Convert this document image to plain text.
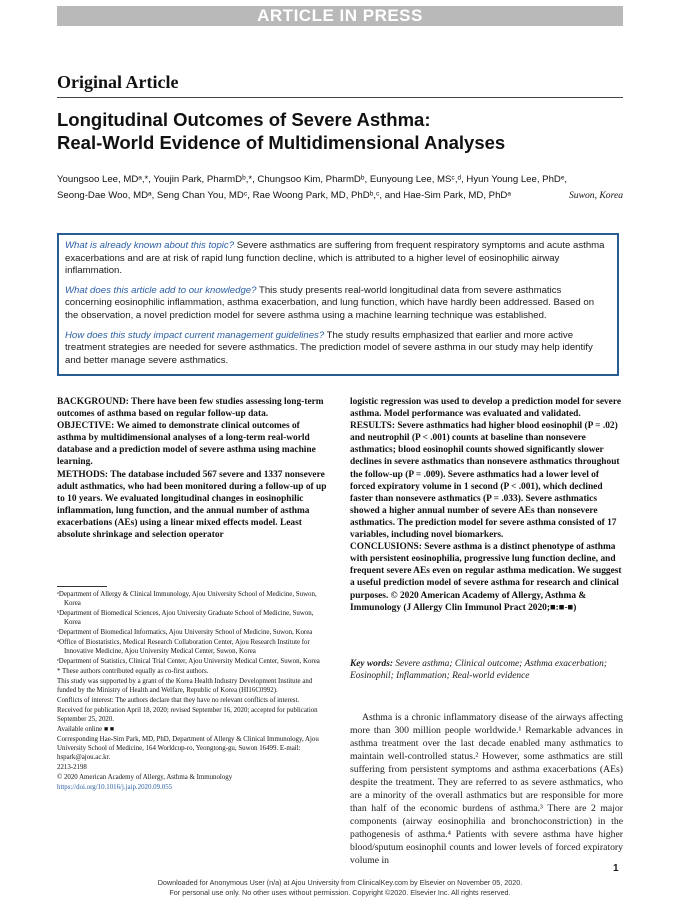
ARTICLE IN PRESS
Original Article
Longitudinal Outcomes of Severe Asthma:
Real-World Evidence of Multidimensional Analyses
Youngsoo Lee, MDᵃ,*, Youjin Park, PharmDᵇ,*, Chungsoo Kim, PharmDᵇ, Eunyoung Lee, MSᶜ,ᵈ, Hyun Young Lee, PhDᵉ,
Seong-Dae Woo, MDᵃ, Seng Chan You, MDᶜ, Rae Woong Park, MD, PhDᵇ,ᶜ, and Hae-Sim Park, MD, PhDᵃ	Suwon, Korea

What is already known about this topic? Severe asthmatics are suffering from frequent respiratory symptoms and acute asthma exacerbations and are at risk of rapid lung function decline, which is attributed to a higher level of eosinophilic airway inflammation.

What does this article add to our knowledge? This study presents real-world longitudinal data from severe asthmatics concerning eosinophilic inflammation, asthma exacerbation, and lung function, which have hardly been addressed. Based on the observation, a novel prediction model for severe asthma using a machine learning technique was established.

How does this study impact current management guidelines? The study results emphasized that earlier and more active treatment strategies are needed for severe asthmatics. The prediction model of severe asthma in our study may help identify and better manage severe asthmatics.

BACKGROUND: There have been few studies assessing long-term outcomes of asthma based on regular follow-up data.

OBJECTIVE: We aimed to demonstrate clinical outcomes of asthma by multidimensional analyses of a long-term real-world database and a prediction model of severe asthma using machine learning.

METHODS: The database included 567 severe and 1337 nonsevere adult asthmatics, who had been monitored during a follow-up of up to 10 years. We evaluated longitudinal changes in eosinophilic inflammation, lung function, and the annual number of asthma exacerbations (AEs) using a linear mixed effects model. Least absolute shrinkage and selection operator

logistic regression was used to develop a prediction model for severe asthma. Model performance was evaluated and validated.

RESULTS: Severe asthmatics had higher blood eosinophil (P = .02) and neutrophil (P < .001) counts at baseline than nonsevere asthmatics; blood eosinophil counts showed significantly slower declines in severe asthmatics than nonsevere asthmatics throughout the follow-up (P = .009). Severe asthmatics had a lower level of forced expiratory volume in 1 second (P < .001), which declined faster than nonsevere asthmatics (P = .033). Severe asthmatics showed a higher annual number of severe AEs than nonsevere asthmatics. The prediction model for severe asthma consisted of 17 variables, including novel biomarkers.

CONCLUSIONS: Severe asthma is a distinct phenotype of asthma with persistent eosinophilia, progressive lung function decline, and frequent severe AEs even on regular asthma medication. We suggest a useful prediction model of severe asthma for research and clinical purposes. © 2020 American Academy of Allergy, Asthma & Immunology (J Allergy Clin Immunol Pract 2020;■:■-■)

Key words: Severe asthma; Clinical outcome; Asthma exacerbation; Eosinophil; Inflammation; Real-world evidence

Asthma is a chronic inflammatory disease of the airways affecting more than 300 million people worldwide.¹ Remarkable advances in asthma treatment over the last decade enabled many asthmatics to maintain well-controlled status.² However, some asthmatics are still suffering from persistent symptoms and asthma exacerbations (AEs) despite the treatment. They are referred to as severe asthmatics, who are a minority of the overall asthmatics but are responsible for more than half of the economic burdens of asthma.³ There are 2 major components (airway eosinophilia and bronchoconstriction) in the pathogenesis of asthma.⁴ Patients with severe asthma have higher blood/sputum eosinophil counts and lower levels of forced expiratory volume in

ᵃDepartment of Allergy & Clinical Immunology, Ajou University School of Medicine, Suwon, Korea

ᵇDepartment of Biomedical Sciences, Ajou University Graduate School of Medicine, Suwon, Korea

ᶜDepartment of Biomedical Informatics, Ajou University School of Medicine, Suwon, Korea

ᵈOffice of Biostatistics, Medical Research Collaboration Center, Ajou Research Institute for Innovative Medicine, Ajou University Medical Center, Suwon, Korea

ᵉDepartment of Statistics, Clinical Trial Center, Ajou University Medical Center, Suwon, Korea

* These authors contributed equally as co-first authors.

This study was supported by a grant of the Korea Health Industry Development Institute and funded by the Ministry of Health and Welfare, Republic of Korea (HI16C0992).

Conflicts of interest: The authors declare that they have no relevant conflicts of interest.

Received for publication April 18, 2020; revised September 16, 2020; accepted for publication September 25, 2020.

Available online ■ ■

Corresponding Hae-Sim Park, MD, PhD, Department of Allergy & Clinical Immunology, Ajou University School of Medicine, 164 Worldcup-ro, Yeongtong-gu, Suwon 16499. E-mail: hspark@ajou.ac.kr.

2213-2198

© 2020 American Academy of Allergy, Asthma & Immunology

https://doi.org/10.1016/j.jaip.2020.09.055

1
Downloaded for Anonymous User (n/a) at Ajou University from ClinicalKey.com by Elsevier on November 05, 2020.
For personal use only. No other uses without permission. Copyright ©2020. Elsevier Inc. All rights reserved.
